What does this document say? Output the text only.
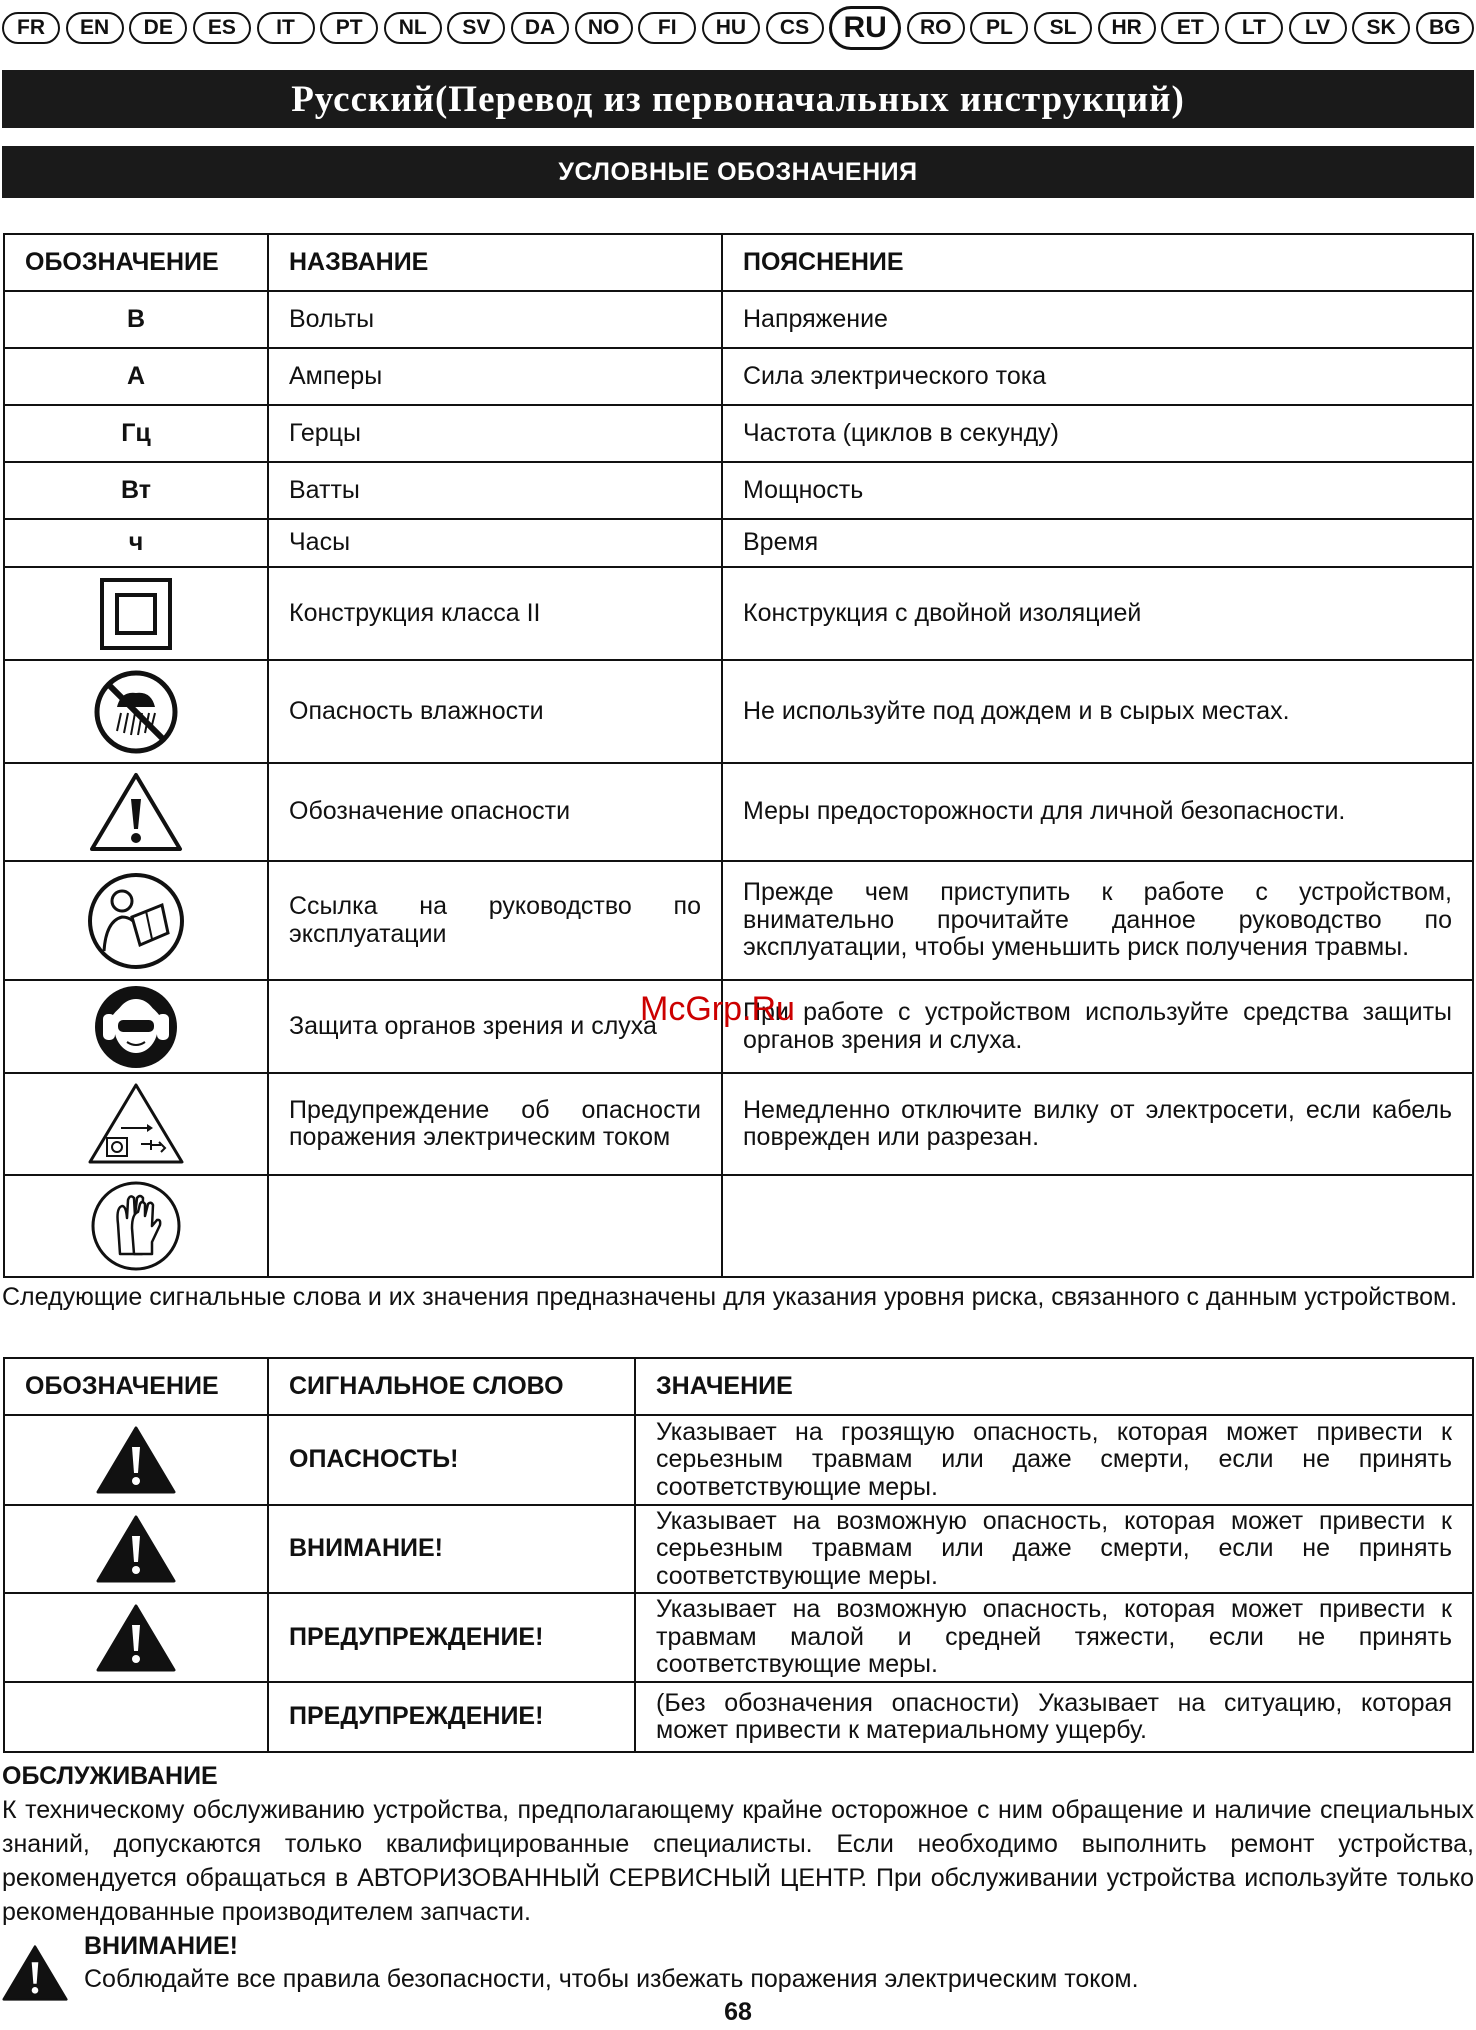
FR	EN	DE	ES	IT	PT	NL	SV	DA	NO	FI	HU	CS	RU	RO	PL	SL	HR	ET	LT	LV	SK	BG
Русский(Перевод из первоначальных инструкций)
УСЛОВНЫЕ ОБОЗНАЧЕНИЯ
ОБОЗНАЧЕНИЕ	НАЗВАНИЕ	ПОЯСНЕНИЕ
В	Вольты	Напряжение
А	Амперы	Сила электрического тока
Гц	Герцы	Частота (циклов в секунду)
Вт	Ватты	Мощность
ч	Часы	Время

	Конструкция класса II	Конструкция с двойной изоляцией

	Опасность влажности	Не используйте под дождем и в сырых местах.

	Обозначение опасности	Меры предосторожности для личной безопасности.

	Ссылка на руководство по эксплуатации	Прежде чем приступить к работе с устройством, внимательно прочитайте данное руководство по эксплуатации, чтобы уменьшить риск получения травмы.

	Защита органов зрения и слуха	При работе с устройством используйте средства защиты органов зрения и слуха.

	Предупреждение об опасности поражения электрическим током	Немедленно отключите вилку от электросети, если кабель поврежден или разрезан.

McGrp.Ru
Следующие сигнальные слова и их значения предназначены для указания уровня риска, связанного с данным устройством.
ОБОЗНАЧЕНИЕ	СИГНАЛЬНОЕ СЛОВО	ЗНАЧЕНИЕ

	ОПАСНОСТЬ!	Указывает на грозящую опасность, которая может привести к серьезным травмам или даже смерти, если не принять соответствующие меры.

	ВНИМАНИЕ!	Указывает на возможную опасность, которая может привести к серьезным травмам или даже смерти, если не принять соответствующие меры.

	ПРЕДУПРЕЖДЕНИЕ!	Указывает на возможную опасность, которая может привести к травмам малой и средней тяжести, если не принять соответствующие меры.
	ПРЕДУПРЕЖДЕНИЕ!	(Без обозначения опасности) Указывает на ситуацию, которая может привести к материальному ущербу.
ОБСЛУЖИВАНИЕ
К техническому обслуживанию устройства, предполагающему крайне осторожное с ним обращение и наличие специальных знаний, допускаются только квалифицированные специалисты. Если необходимо выполнить ремонт устройства, рекомендуется обращаться в АВТОРИЗОВАННЫЙ СЕРВИСНЫЙ ЦЕНТР. При обслуживании устройства используйте только рекомендованные производителем запчасти.
ВНИМАНИЕ!
Соблюдайте все правила безопасности, чтобы избежать поражения электрическим током.
68
